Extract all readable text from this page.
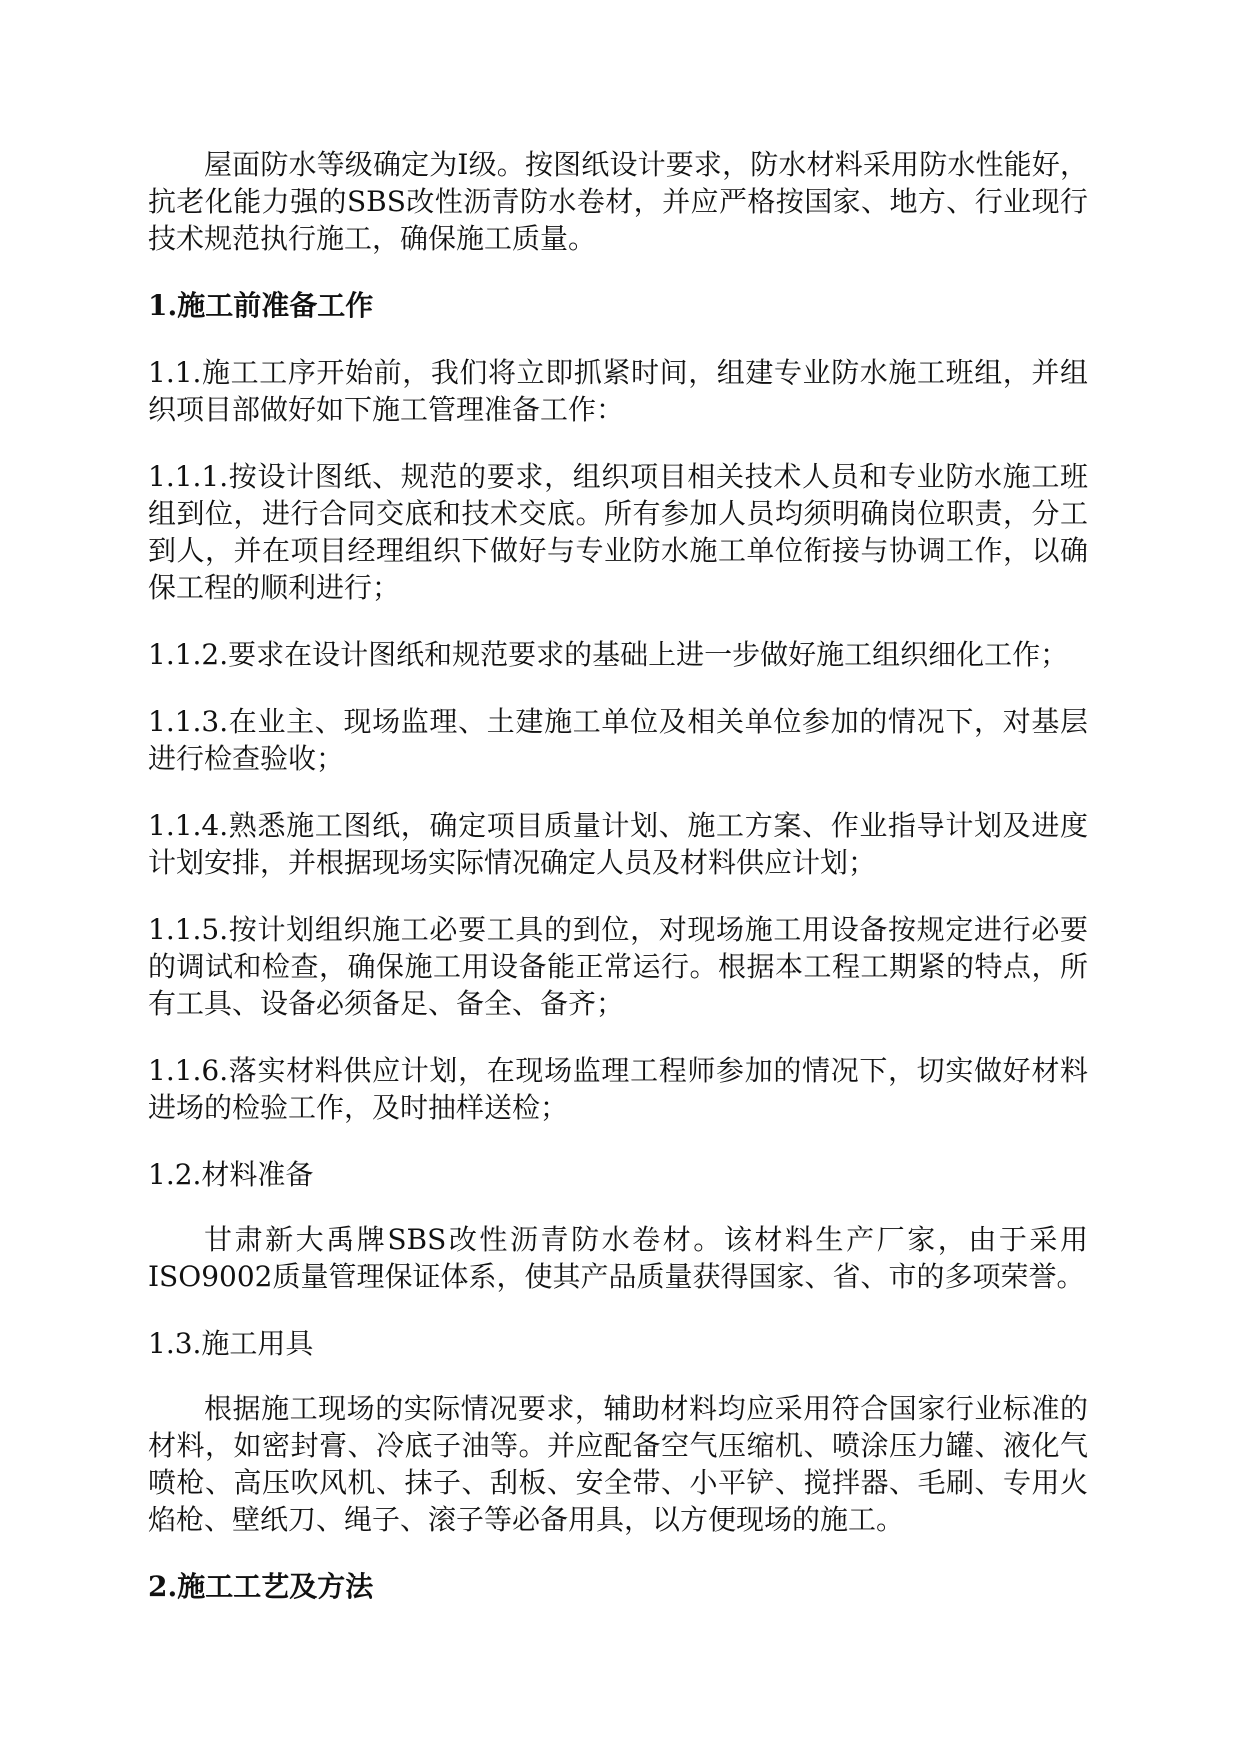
屋面防水等级确定为Ⅰ级。按图纸设计要求，防水材料采用防水性能好，抗老化能力强的SBS改性沥青防水卷材，并应严格按国家、地方、行业现行技术规范执行施工，确保施工质量。

1.施工前准备工作

1.1.施工工序开始前，我们将立即抓紧时间，组建专业防水施工班组，并组织项目部做好如下施工管理准备工作：

1.1.1.按设计图纸、规范的要求，组织项目相关技术人员和专业防水施工班组到位，进行合同交底和技术交底。所有参加人员均须明确岗位职责，分工到人，并在项目经理组织下做好与专业防水施工单位衔接与协调工作，以确保工程的顺利进行；

1.1.2.要求在设计图纸和规范要求的基础上进一步做好施工组织细化工作；

1.1.3.在业主、现场监理、土建施工单位及相关单位参加的情况下，对基层进行检查验收；

1.1.4.熟悉施工图纸，确定项目质量计划、施工方案、作业指导计划及进度计划安排，并根据现场实际情况确定人员及材料供应计划；

1.1.5.按计划组织施工必要工具的到位，对现场施工用设备按规定进行必要的调试和检查，确保施工用设备能正常运行。根据本工程工期紧的特点，所有工具、设备必须备足、备全、备齐；

1.1.6.落实材料供应计划，在现场监理工程师参加的情况下，切实做好材料进场的检验工作，及时抽样送检；

1.2.材料准备

甘肃新大禹牌SBS改性沥青防水卷材。该材料生产厂家，由于采用ISO9002质量管理保证体系，使其产品质量获得国家、省、市的多项荣誉。

1.3.施工用具

根据施工现场的实际情况要求，辅助材料均应采用符合国家行业标准的材料，如密封膏、冷底子油等。并应配备空气压缩机、喷涂压力罐、液化气喷枪、高压吹风机、抹子、刮板、安全带、小平铲、搅拌器、毛刷、专用火焰枪、壁纸刀、绳子、滚子等必备用具，以方便现场的施工。

2.施工工艺及方法
